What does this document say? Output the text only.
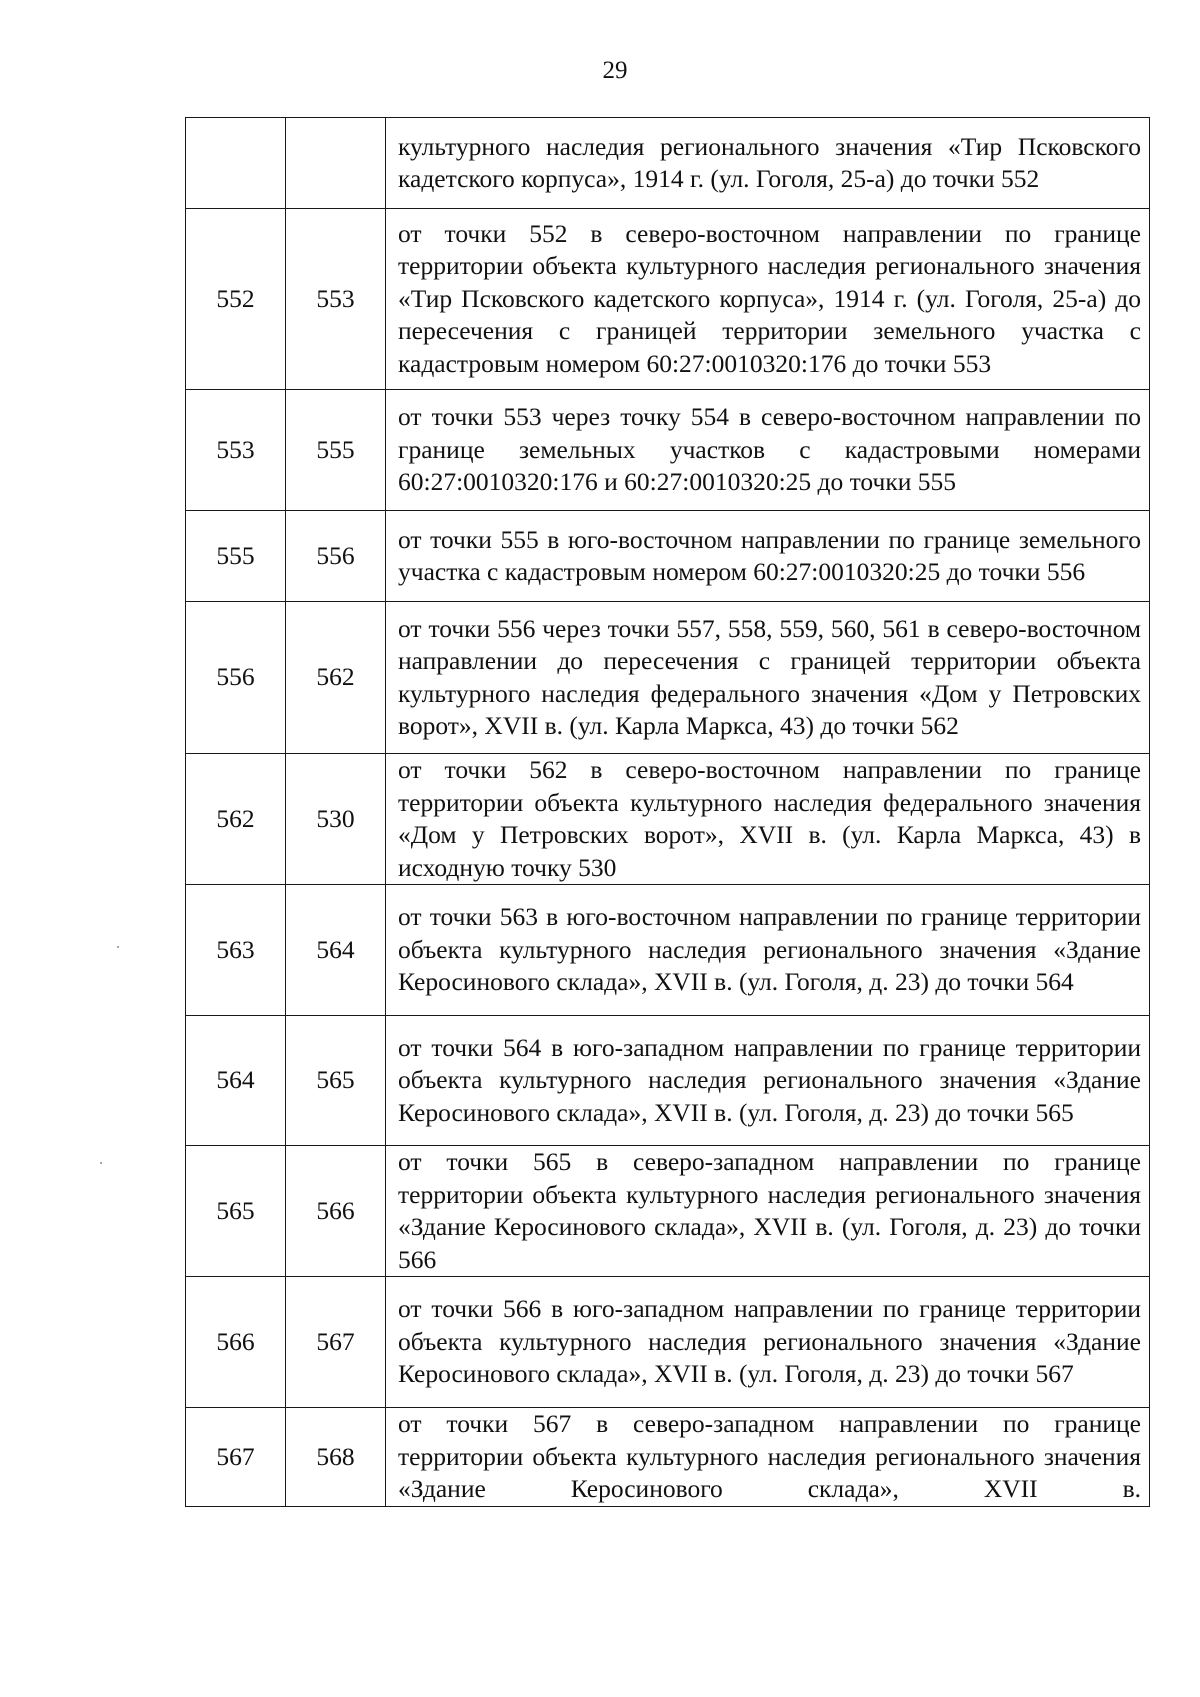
29

		культурного наследия регионального значения «Тир Псковского кадетского корпуса», 1914 г. (ул. Гоголя, 25-а) до точки 552

552	553	от точки 552 в северо-восточном направлении по границе территории объекта культурного наследия регионального значения «Тир Псковского кадетского корпуса», 1914 г. (ул. Гоголя, 25-а) до пересечения с границей территории земельного участка с кадастровым номером 60:27:0010320:176 до точки 553

553	555	от точки 553 через точку 554 в северо-восточном направлении по границе земельных участков с кадастровыми номерами 60:27:0010320:176 и 60:27:0010320:25 до точки 555

555	556	от точки 555 в юго-восточном направлении по границе земельного участка с кадастровым номером 60:27:0010320:25 до точки 556

556	562	от точки 556 через точки 557, 558, 559, 560, 561 в северо-восточном направлении до пересечения с границей территории объекта культурного наследия федерального значения «Дом у Петровских ворот», XVII в. (ул. Карла Маркса, 43) до точки 562

562	530	от точки 562 в северо-восточном направлении по границе территории объекта культурного наследия федерального значения «Дом у Петровских ворот», XVII в. (ул. Карла Маркса, 43) в исходную точку 530

563	564	от точки 563 в юго-восточном направлении по границе территории объекта культурного наследия регионального значения «Здание Керосинового склада», XVII в. (ул. Гоголя, д. 23) до точки 564

564	565	от точки 564 в юго-западном направлении по границе территории объекта культурного наследия регионального значения «Здание Керосинового склада», XVII в. (ул. Гоголя, д. 23) до точки 565

565	566	от точки 565 в северо-западном направлении по границе территории объекта культурного наследия регионального значения «Здание Керосинового склада», XVII в. (ул. Гоголя, д. 23) до точки 566

566	567	от точки 566 в юго-западном направлении по границе территории объекта культурного наследия регионального значения «Здание Керосинового склада», XVII в. (ул. Гоголя, д. 23) до точки 567

567	568	от точки 567 в северо-западном направлении по границе территории объекта культурного наследия регионального значения «Здание Керосинового склада», XVII в.
